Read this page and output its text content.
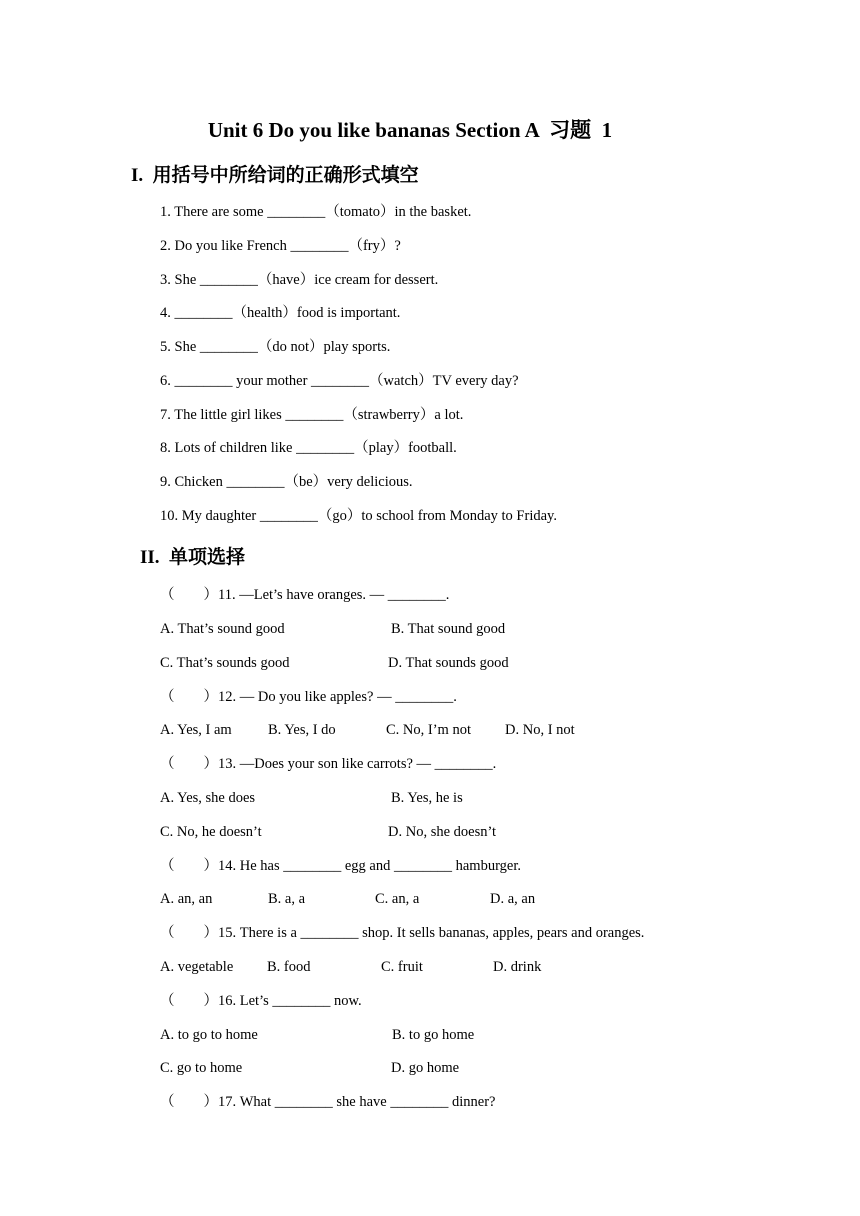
Unit 6 Do you like bananas Section A  习题  1
I.  用括号中所给词的正确形式填空
1. There are some ________（tomato）in the basket.
2. Do you like French ________（fry）?
3. She ________（have）ice cream for dessert.
4. ________（health）food is important.
5. She ________（do not）play sports.
6. ________ your mother ________（watch）TV every day?
7. The little girl likes ________（strawberry）a lot.
8. Lots of children like ________（play）football.
9. Chicken ________（be）very delicious.
10. My daughter ________（go）to school from Monday to Friday.
II.  单项选择
（　　）11. —Let’s have oranges. — ________.

A. That’s sound good

	B. That sound good

C. That’s sounds good

	D. That sounds good

（　　）12. — Do you like apples? — ________.

A. Yes, I am

	B. Yes, I do

	C. No, I’m not

D. No, I not

（　　）13. —Does your son like carrots? — ________.

A. Yes, she does

	B. Yes, he is

C. No, he doesn’t

	D. No, she doesn’t

（　　）14. He has ________ egg and ________ hamburger.

A. an, an

	B. a, a

	C. an, a

	D. a, an

（　　）15. There is a ________ shop. It sells bananas, apples, pears and oranges.

A. vegetable

B. food

	C. fruit

	D. drink

（　　）16. Let’s ________ now.

A. to go to home

	B. to go home

C. go to home

	D. go home

（　　）17. What ________ she have ________ dinner?
